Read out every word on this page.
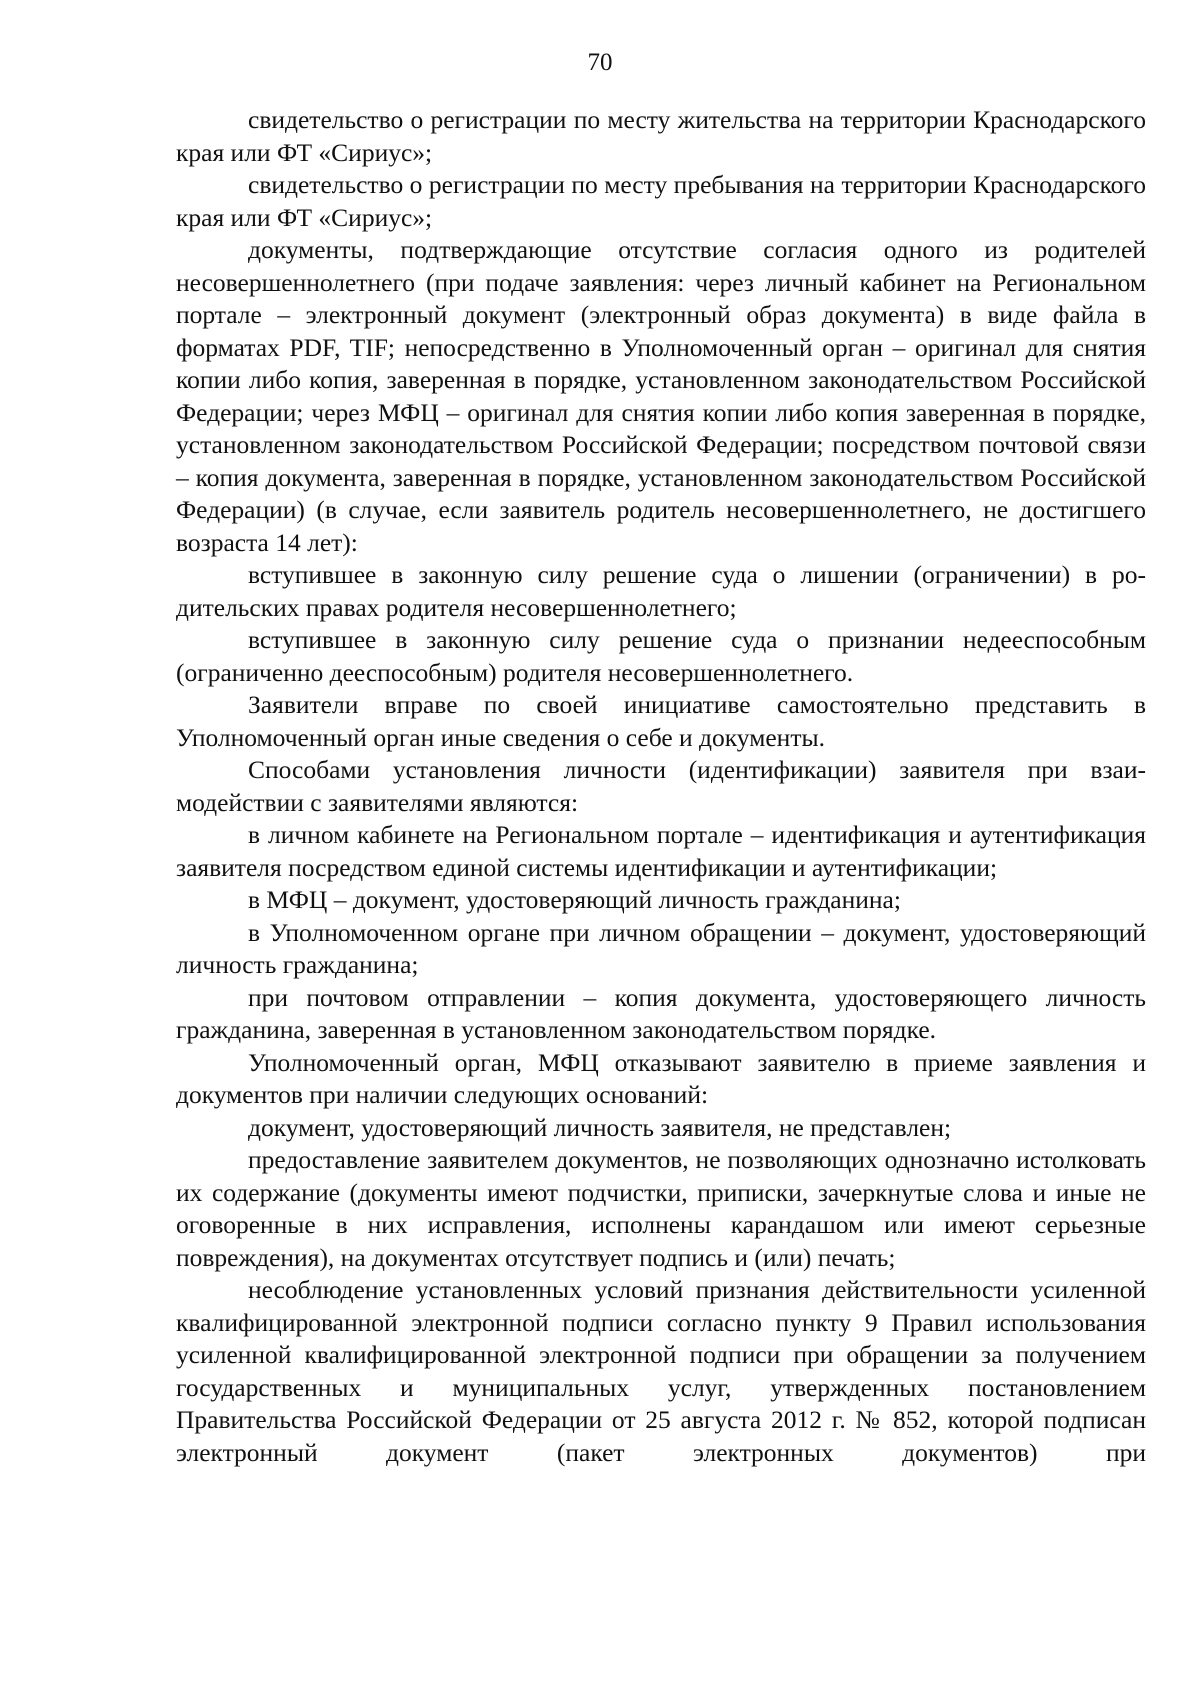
70

свидетельство о регистрации по месту жительства на территории Краснодарского края или ФТ «Сириус»;

свидетельство о регистрации по месту пребывания на территории Краснодарского края или ФТ «Сириус»;

документы, подтверждающие отсутствие согласия одного из родителей несовершеннолетнего (при подаче заявления: через личный кабинет на Региональном портале – электронный документ (электронный образ документа) в виде файла в форматах PDF, TIF; непосредственно в Уполномоченный орган – оригинал для снятия копии либо копия, заверенная в порядке, установленном законодательством Российской Федерации; через МФЦ – оригинал для снятия копии либо копия заверенная в порядке, установленном законодательством Российской Федерации; посредством почтовой связи – копия документа, заверенная в порядке, установленном законодательством Российской Федерации) (в случае, если заявитель родитель несовершеннолетнего, не достигшего возраста 14 лет):

вступившее в законную силу решение суда о лишении (ограничении) в родительских правах родителя несовершеннолетнего;

вступившее в законную силу решение суда о признании недееспособным (ограниченно дееспособным) родителя несовершеннолетнего.

Заявители вправе по своей инициативе самостоятельно представить в Уполномоченный орган иные сведения о себе и документы.

Способами установления личности (идентификации) заявителя при взаимодействии с заявителями являются:

в личном кабинете на Региональном портале – идентификация и аутентификация заявителя посредством единой системы идентификации и аутентификации;

в МФЦ – документ, удостоверяющий личность гражданина;

в Уполномоченном органе при личном обращении – документ, удостоверяющий личность гражданина;

при почтовом отправлении – копия документа, удостоверяющего личность гражданина, заверенная в установленном законодательством порядке.

Уполномоченный орган, МФЦ отказывают заявителю в приеме заявления и документов при наличии следующих оснований:

документ, удостоверяющий личность заявителя, не представлен;

предоставление заявителем документов, не позволяющих однозначно истолковать их содержание (документы имеют подчистки, приписки, зачеркнутые слова и иные не оговоренные в них исправления, исполнены карандашом или имеют серьезные повреждения), на документах отсутствует подпись и (или) печать;

несоблюдение установленных условий признания действительности усиленной квалифицированной электронной подписи согласно пункту 9 Правил использования усиленной квалифицированной электронной подписи при обращении за получением государственных и муниципальных услуг, утвержденных постановлением Правительства Российской Федерации от 25 августа 2012 г. № 852, которой подписан электронный документ (пакет электронных документов) при
